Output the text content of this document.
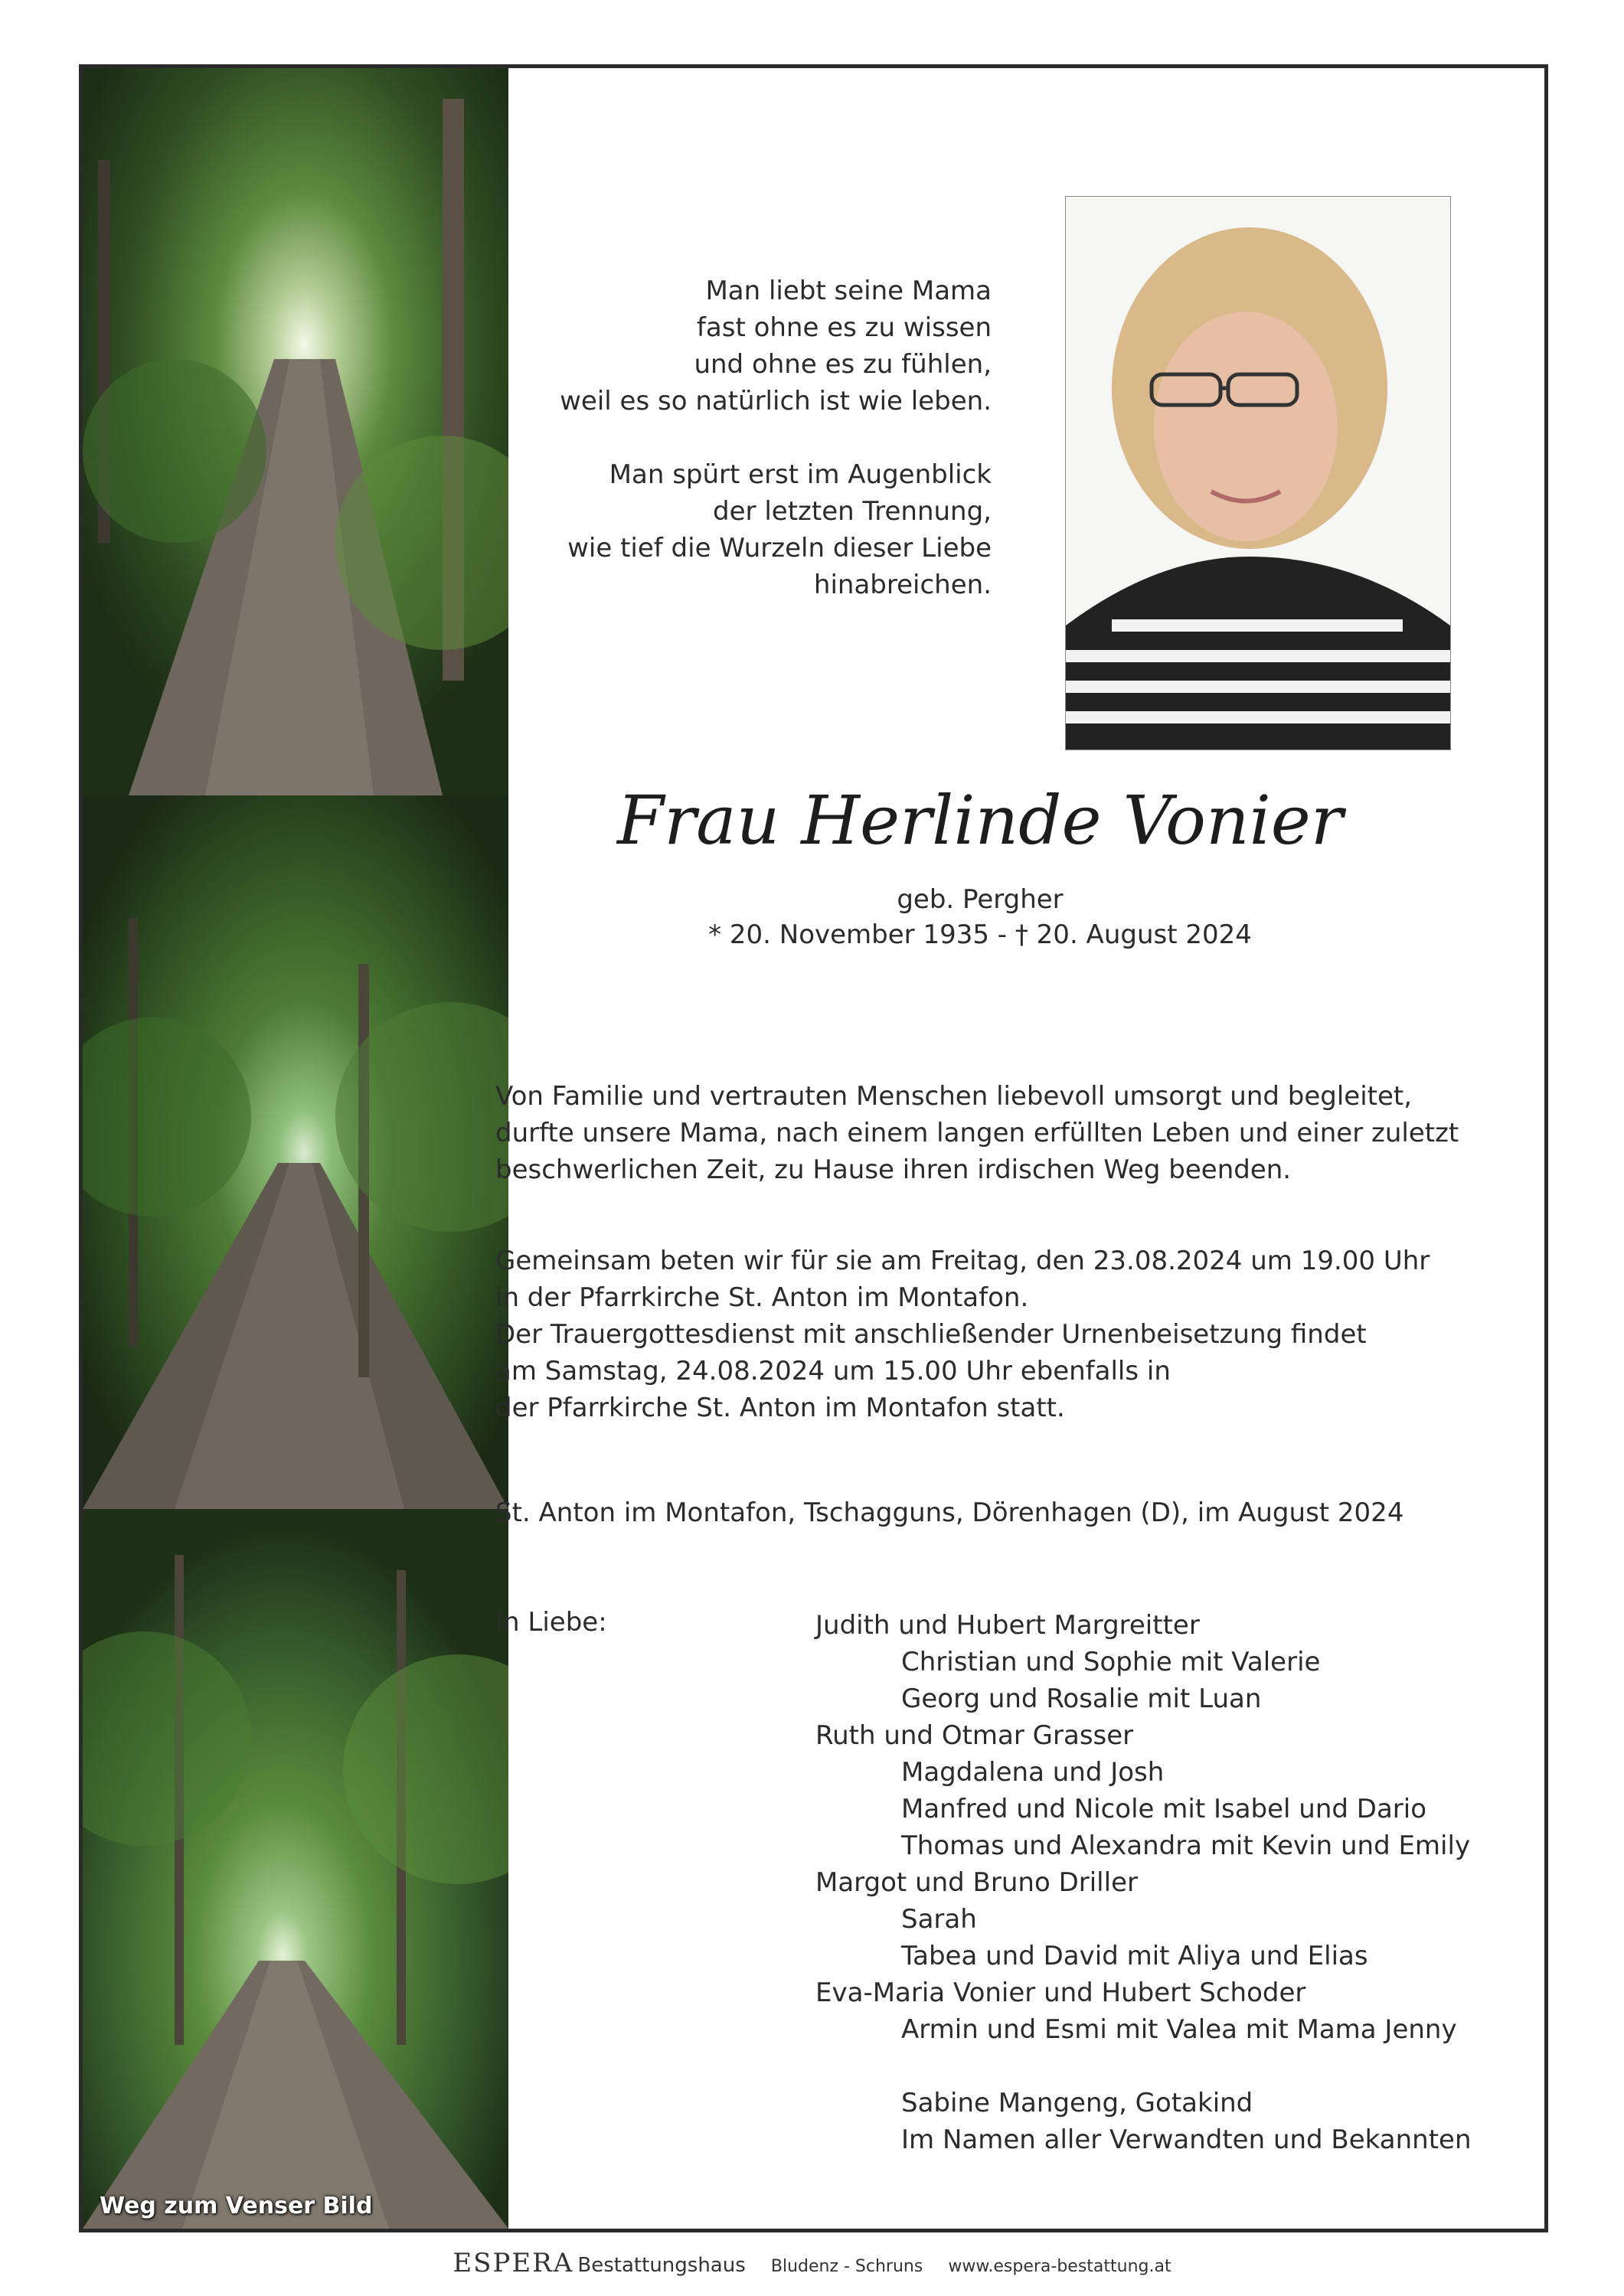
Weg zum Venser Bild

Man liebt seine Mama
fast ohne es zu wissen
und ohne es zu fühlen,
weil es so natürlich ist wie leben.

Man spürt erst im Augenblick
der letzten Trennung,
wie tief die Wurzeln dieser Liebe
hinabreichen.

Frau Herlinde Vonier
geb. Pergher
* 20. November 1935 - † 20. August 2024
Von Familie und vertrauten Menschen liebevoll umsorgt und begleitet,
durfte unsere Mama, nach einem langen erfüllten Leben und einer zuletzt
beschwerlichen Zeit, zu Hause ihren irdischen Weg beenden.
Gemeinsam beten wir für sie am Freitag, den 23.08.2024 um 19.00 Uhr
in der Pfarrkirche St. Anton im Montafon.
Der Trauergottesdienst mit anschließender Urnenbeisetzung findet
am Samstag, 24.08.2024 um 15.00 Uhr ebenfalls in
der Pfarrkirche St. Anton im Montafon statt.
St. Anton im Montafon, Tschagguns, Dörenhagen (D), im August 2024
In Liebe:	Judith und Hubert Margreitter
Christian und Sophie mit Valerie
Georg und Rosalie mit Luan
Ruth und Otmar Grasser
Magdalena und Josh
Manfred und Nicole mit Isabel und Dario
Thomas und Alexandra mit Kevin und Emily
Margot und Bruno Driller
Sarah
Tabea und David mit Aliya und Elias
Eva-Maria Vonier und Hubert Schoder
Armin und Esmi mit Valea mit Mama Jenny
Sabine Mangeng, Gotakind
Im Namen aller Verwandten und Bekannten
ESPERA Bestattungshaus Bludenz - Schruns www.espera-bestattung.at
